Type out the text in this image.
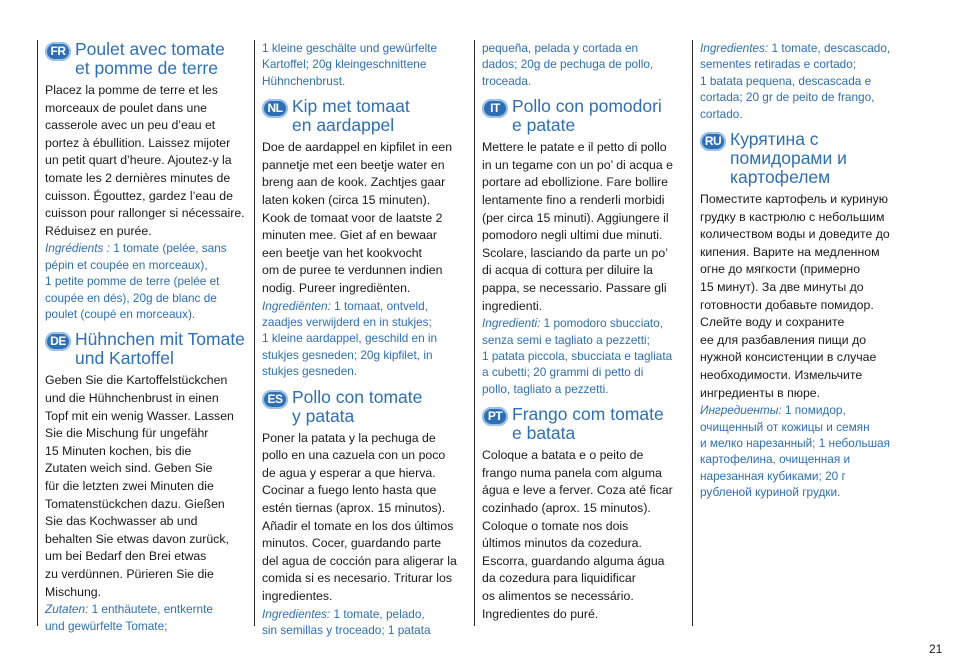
FR Poulet avec tomate
et pomme de terre

Placez la pomme de terre et les
morceaux de poulet dans une
casserole avec un peu d’eau et
portez à ébullition. Laissez mijoter
un petit quart d’heure. Ajoutez-y la
tomate les 2 dernières minutes de
cuisson. Égouttez, gardez l’eau de
cuisson pour rallonger si nécessaire.
Réduisez en purée.

Ingrédients : 1 tomate (pelée, sans
pépin et coupée en morceaux),
1 petite pomme de terre (pelée et
coupée en dés), 20g de blanc de
poulet (coupé en morceaux).

DE Hühnchen mit Tomate
und Kartoffel

Geben Sie die Kartoffelstückchen
und die Hühnchenbrust in einen
Topf mit ein wenig Wasser. Lassen
Sie die Mischung für ungefähr
15 Minuten kochen, bis die
Zutaten weich sind. Geben Sie
für die letzten zwei Minuten die
Tomatenstückchen dazu. Gießen
Sie das Kochwasser ab und
behalten Sie etwas davon zurück,
um bei Bedarf den Brei etwas
zu verdünnen. Pürieren Sie die
Mischung.

Zutaten: 1 enthäutete, entkernte
und gewürfelte Tomate;

1 kleine geschälte und gewürfelte
Kartoffel; 20g kleingeschnittene
Hühnchenbrust.

NL Kip met tomaat
en aardappel

Doe de aardappel en kipfilet in een
pannetje met een beetje water en
breng aan de kook. Zachtjes gaar
laten koken (circa 15 minuten).
Kook de tomaat voor de laatste 2
minuten mee. Giet af en bewaar
een beetje van het kookvocht
om de puree te verdunnen indien
nodig. Pureer ingrediënten.

Ingrediënten: 1 tomaat, ontveld,
zaadjes verwijderd en in stukjes;
1 kleine aardappel, geschild en in
stukjes gesneden; 20g kipfilet, in
stukjes gesneden.

ES Pollo con tomate
y patata

Poner la patata y la pechuga de
pollo en una cazuela con un poco
de agua y esperar a que hierva.
Cocinar a fuego lento hasta que
estén tiernas (aprox. 15 minutos).
Añadir el tomate en los dos últimos
minutos. Cocer, guardando parte
del agua de cocción para aligerar la
comida si es necesario. Triturar los
ingredientes.

Ingredientes: 1 tomate, pelado,
sin semillas y troceado; 1 patata

pequeña, pelada y cortada en
dados; 20g de pechuga de pollo,
troceada.

IT Pollo con pomodori
e patate

Mettere le patate e il petto di pollo
in un tegame con un po’ di acqua e
portare ad ebollizione. Fare bollire
lentamente fino a renderli morbidi
(per circa 15 minuti). Aggiungere il
pomodoro negli ultimi due minuti.
Scolare, lasciando da parte un po’
di acqua di cottura per diluire la
pappa, se necessario. Passare gli
ingredienti.

Ingredienti: 1 pomodoro sbucciato,
senza semi e tagliato a pezzetti;
1 patata piccola, sbucciata e tagliata
a cubetti; 20 grammi di petto di
pollo, tagliato a pezzetti.

PT Frango com tomate
e batata

Coloque a batata e o peito de
frango numa panela com alguma
água e leve a ferver. Coza até ficar
cozinhado (aprox. 15 minutos).
Coloque o tomate nos dois
últimos minutos da cozedura.
Escorra, guardando alguma água
da cozedura para liquidificar
os alimentos se necessário.
Ingredientes do puré.

Ingredientes: 1 tomate, descascado,
sementes retiradas e cortado;
1 batata pequena, descascada e
cortada; 20 gr de peito de frango,
cortado.

RU Курятина с
помидорами и
картофелем

Поместите картофель и куриную
грудку в кастрюлю с небольшим
количеством воды и доведите до
кипения. Варите на медленном
огне до мягкости (примерно
15 минут). За две минуты до
готовности добавьте помидор.
Слейте воду и сохраните
ее для разбавления пищи до
нужной консистенции в случае
необходимости. Измельчите
ингредиенты в пюре.

Ингредиенты: 1 помидор,
очищенный от кожицы и семян
и мелко нарезанный; 1 небольшая
картофелина, очищенная и
нарезанная кубиками; 20 г
рубленой куриной грудки.

21
